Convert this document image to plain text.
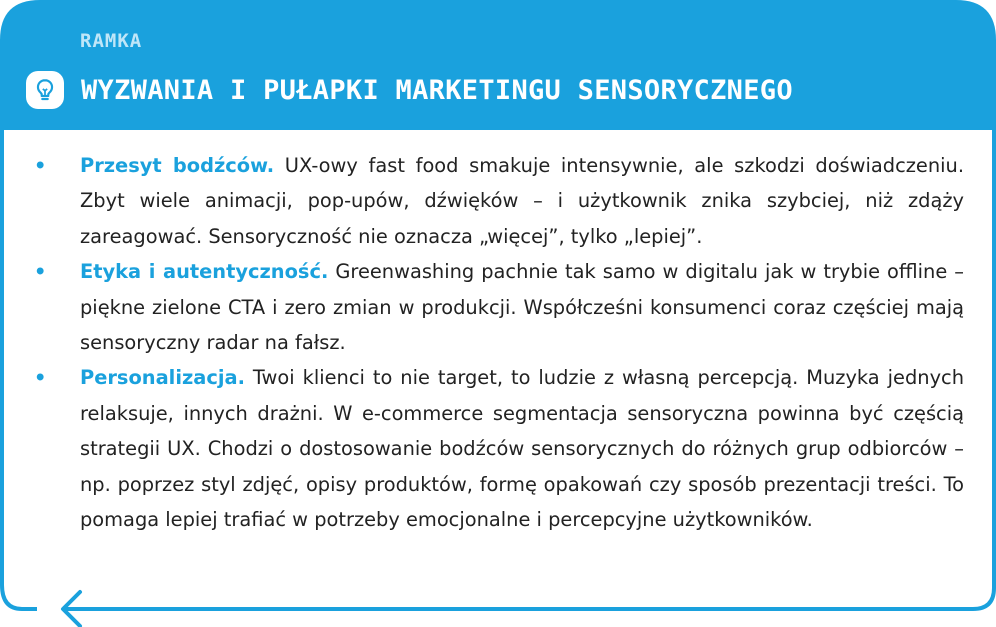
RAMKA
WYZWANIA I PUŁAPKI MARKETINGU SENSORYCZNEGO
• Przesyt bodźców. UX-owy fast food smakuje intensywnie, ale szkodzi doświadczeniu. Zbyt wiele animacji, pop-upów, dźwięków – i użytkownik znika szybciej, niż zdąży zareagować. Sensoryczność nie oznacza „więcej”, tylko „lepiej”.
• Etyka i autentyczność. Greenwashing pachnie tak samo w digitalu jak w trybie offline – piękne zielone CTA i zero zmian w produkcji. Współcześni konsumenci coraz częściej mają sensoryczny radar na fałsz.
• Personalizacja. Twoi klienci to nie target, to ludzie z własną percepcją. Muzyka jednych relaksuje, innych drażni. W e-commerce segmentacja sensoryczna powinna być częścią strategii UX. Chodzi o dostosowanie bodźców sensorycznych do różnych grup odbiorców – np. poprzez styl zdjęć, opisy produktów, formę opakowań czy sposób prezentacji treści. To pomaga lepiej trafiać w potrzeby emocjonalne i percepcyjne użytkowników.
